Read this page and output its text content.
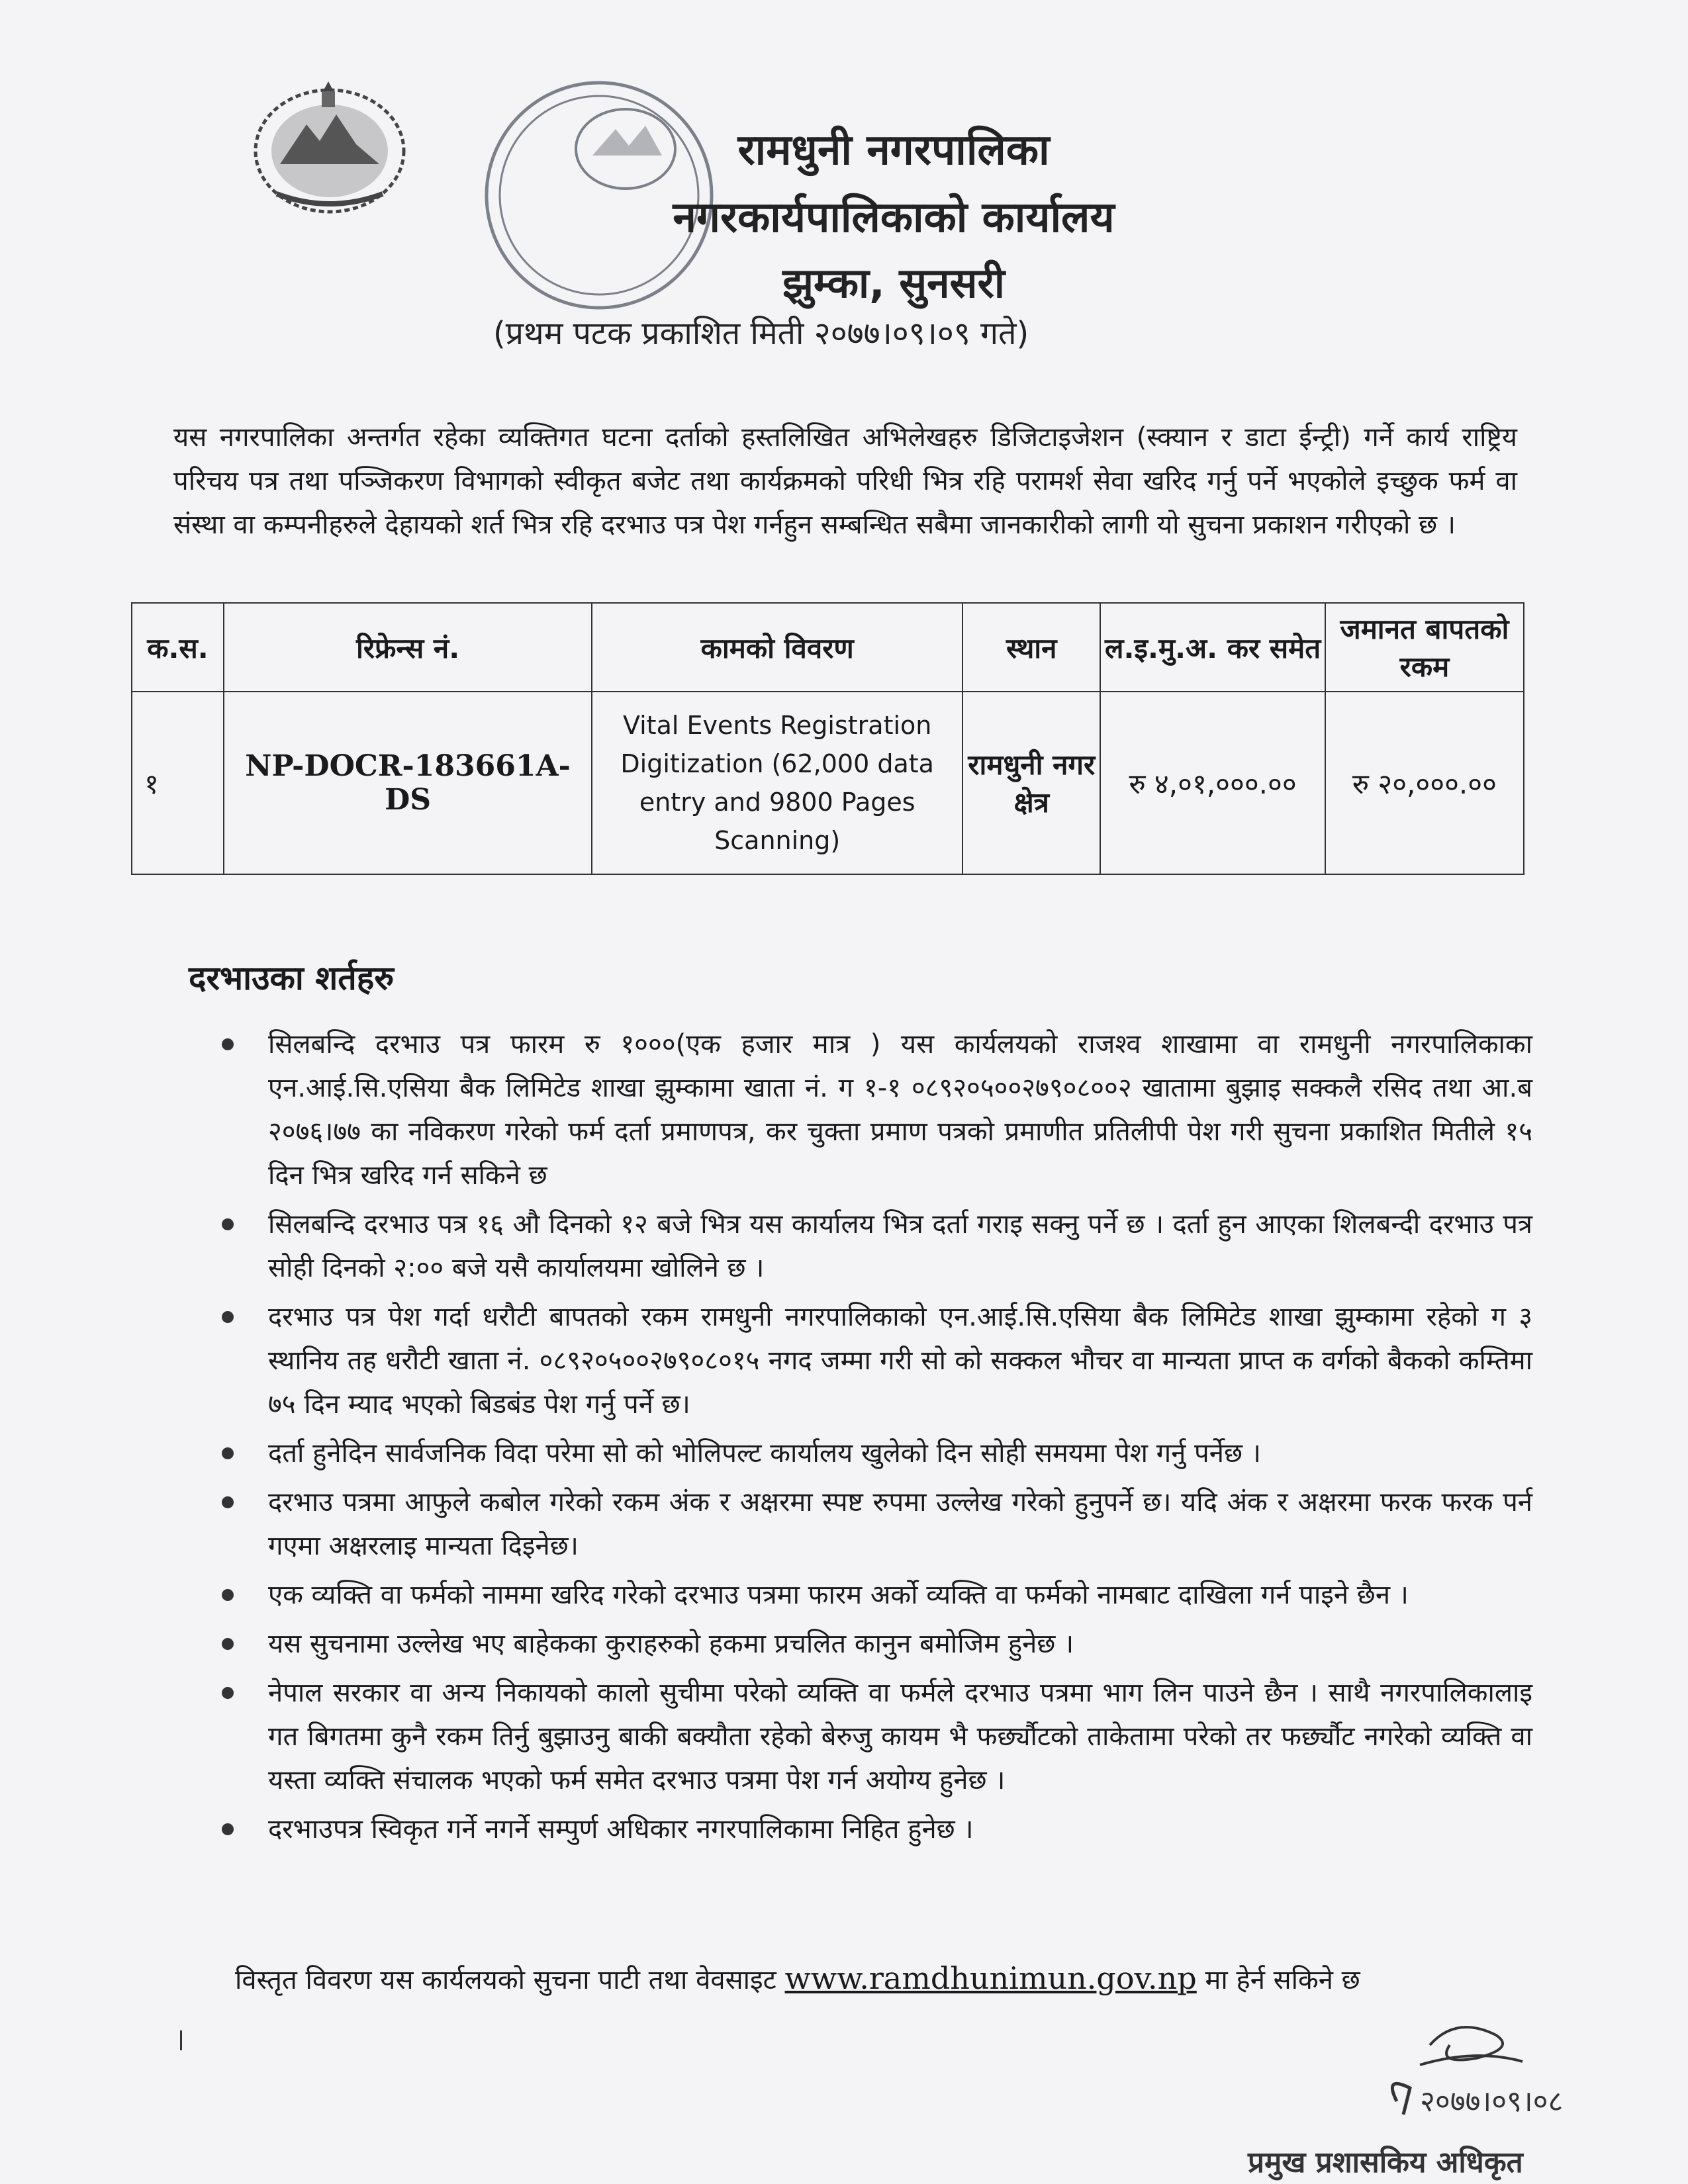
रामधुनी नगरपालिका
नगरकार्यपालिकाको कार्यालय
झुम्का, सुनसरी
(प्रथम पटक प्रकाशित मिती २०७७।०९।०९ गते)
यस नगरपालिका अन्तर्गत रहेका व्यक्तिगत घटना दर्ताको हस्तलिखित अभिलेखहरु डिजिटाइजेशन (स्क्यान र डाटा ईन्ट्री) गर्ने कार्य राष्ट्रिय परिचय पत्र तथा पञ्जिकरण विभागको स्वीकृत बजेट तथा कार्यक्रमको परिधी भित्र रहि परामर्श सेवा खरिद गर्नु पर्ने भएकोले इच्छुक फर्म वा संस्था वा कम्पनीहरुले देहायको शर्त भित्र रहि दरभाउ पत्र पेश गर्नहुन सम्बन्धित सबैमा जानकारीको लागी यो सुचना प्रकाशन गरीएको छ ।
क.स.	रिफ्रेन्स नं.	कामको विवरण	स्थान	ल.इ.मु.अ. कर समेत	जमानत बापतको रकम
१	NP-DOCR-183661A-DS	Vital Events Registration Digitization (62,000 data entry and 9800 Pages Scanning)	रामधुनी नगर क्षेत्र	रु ४,०१,०००.००	रु २०,०००.००
दरभाउका शर्तहरु
सिलबन्दि दरभाउ पत्र फारम रु १०००(एक हजार मात्र ) यस कार्यलयको राजश्व शाखामा वा रामधुनी नगरपालिकाका एन.आई.सि.एसिया बैक लिमिटेड शाखा झुम्कामा खाता नं. ग १-१ ०८९२०५००२७९०८००२ खातामा बुझाइ सक्कलै रसिद तथा आ.ब २०७६।७७ का नविकरण गरेको फर्म दर्ता प्रमाणपत्र, कर चुक्ता प्रमाण पत्रको प्रमाणीत प्रतिलीपी पेश गरी सुचना प्रकाशित मितीले १५ दिन भित्र खरिद गर्न सकिने छ
सिलबन्दि दरभाउ पत्र १६ औ दिनको १२ बजे भित्र यस कार्यालय भित्र दर्ता गराइ सक्नु पर्ने छ । दर्ता हुन आएका शिलबन्दी दरभाउ पत्र सोही दिनको २:०० बजे यसै कार्यालयमा खोलिने छ ।
दरभाउ पत्र पेश गर्दा धरौटी बापतको रकम रामधुनी नगरपालिकाको एन.आई.सि.एसिया बैक लिमिटेड शाखा झुम्कामा रहेको ग ३ स्थानिय तह धरौटी खाता नं. ०८९२०५००२७९०८०१५ नगद जम्मा गरी सो को सक्कल भौचर वा मान्यता प्राप्त क वर्गको बैकको कम्तिमा ७५ दिन म्याद भएको बिडबंड पेश गर्नु पर्ने छ।
दर्ता हुनेदिन सार्वजनिक विदा परेमा सो को भोलिपल्ट कार्यालय खुलेको दिन सोही समयमा पेश गर्नु पर्नेछ ।
दरभाउ पत्रमा आफुले कबोल गरेको रकम अंक र अक्षरमा स्पष्ट रुपमा उल्लेख गरेको हुनुपर्ने छ। यदि अंक र अक्षरमा फरक फरक पर्न गएमा अक्षरलाइ मान्यता दिइनेछ।
एक व्यक्ति वा फर्मको नाममा खरिद गरेको दरभाउ पत्रमा फारम अर्को व्यक्ति वा फर्मको नामबाट दाखिला गर्न पाइने छैन ।
यस सुचनामा उल्लेख भए बाहेकका कुराहरुको हकमा प्रचलित कानुन बमोजिम हुनेछ ।
नेपाल सरकार वा अन्य निकायको कालो सुचीमा परेको व्यक्ति वा फर्मले दरभाउ पत्रमा भाग लिन पाउने छैन । साथै नगरपालिकालाइ गत बिगतमा कुनै रकम तिर्नु बुझाउनु बाकी बक्यौता रहेको बेरुजु कायम भै फर्छ्यौटको ताकेतामा परेको तर फर्छ्यौट नगरेको व्यक्ति वा यस्ता व्यक्ति संचालक भएको फर्म समेत दरभाउ पत्रमा पेश गर्न अयोग्य हुनेछ ।
दरभाउपत्र स्विकृत गर्ने नगर्ने सम्पुर्ण अधिकार नगरपालिकामा निहित हुनेछ ।
विस्तृत विवरण यस कार्यलयको सुचना पाटी तथा वेवसाइट www.ramdhunimun.gov.np मा हेर्न सकिने छ
२०७७।०९।०८
प्रमुख प्रशासकिय अधिकृत
